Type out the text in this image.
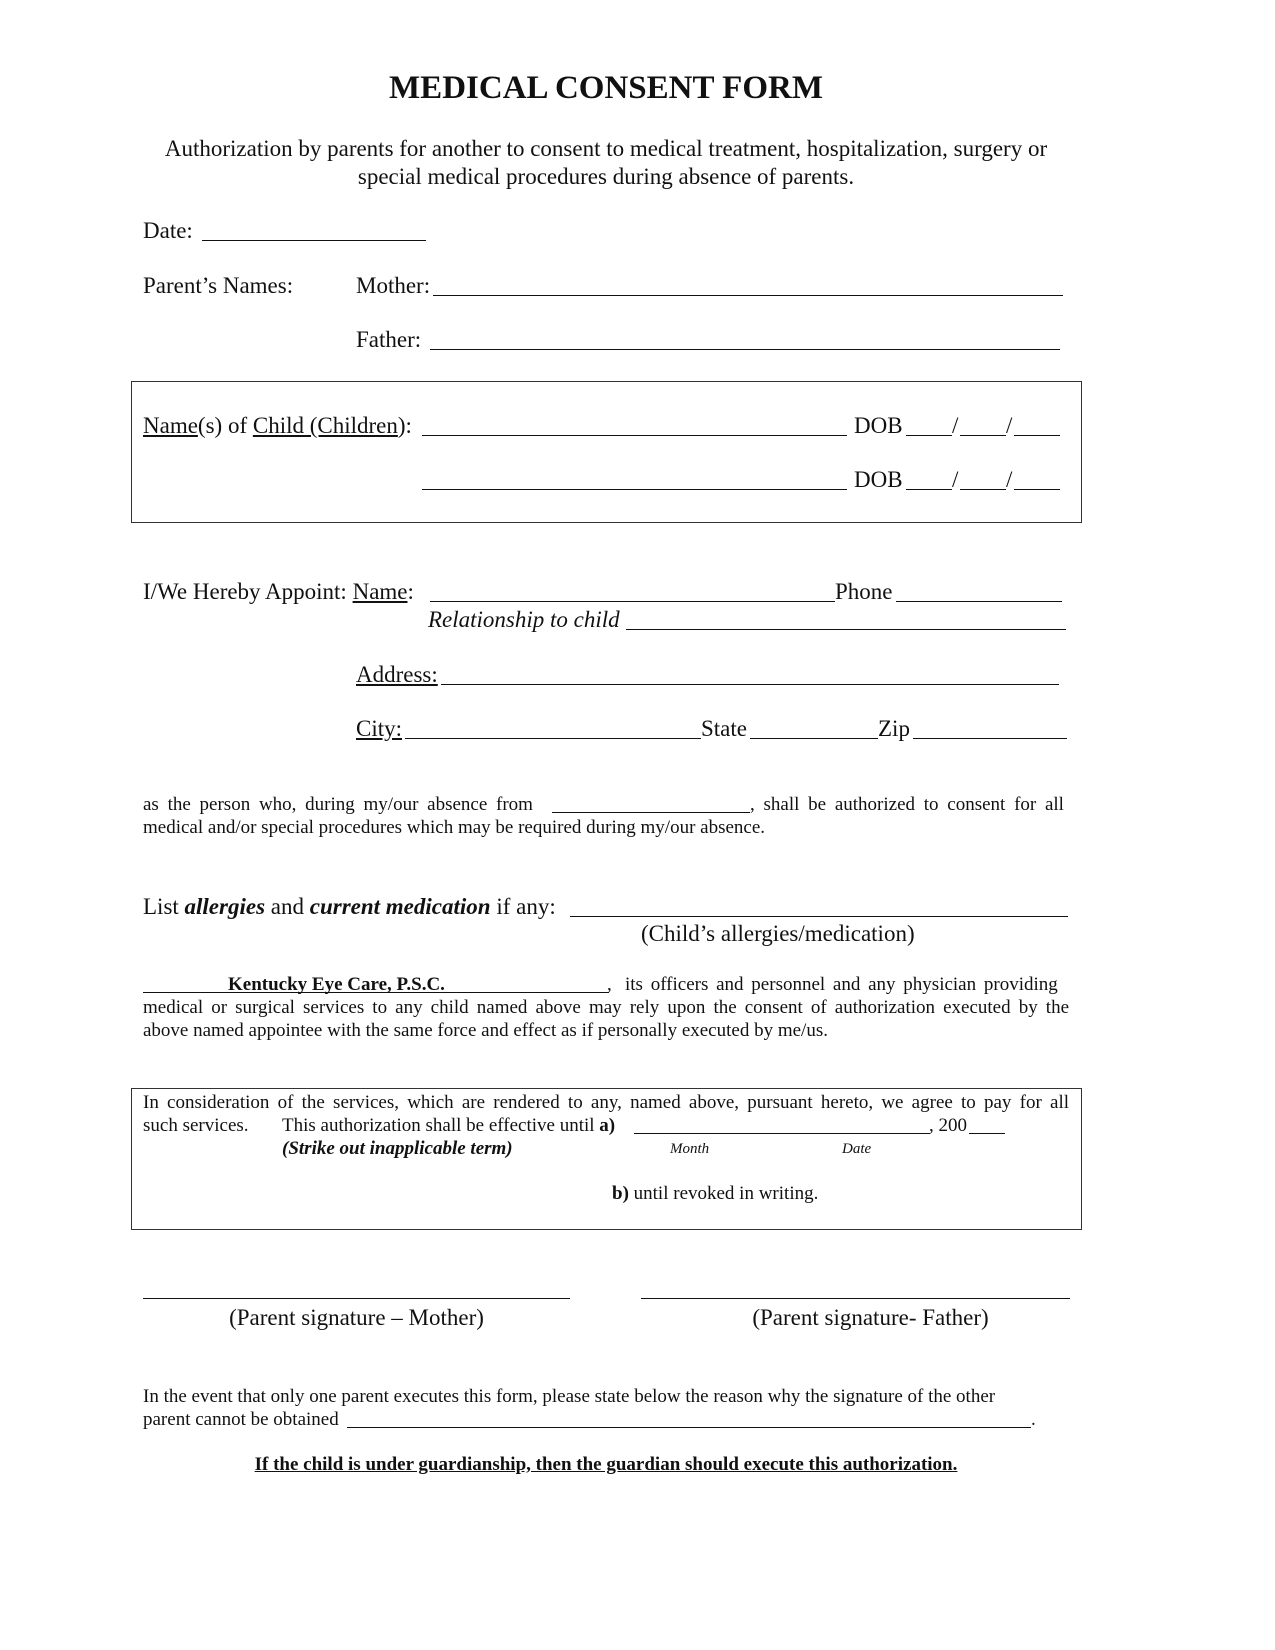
MEDICAL CONSENT FORM
Authorization by parents for another to consent to medical treatment, hospitalization, surgery or
special medical procedures during absence of parents.
Date:
Parent’s Names:	Mother:
Father:
Name(s) of Child (Children):	DOB / /
DOB / /
I/We Hereby Appoint: Name:	Phone
Relationship to child
Address:
City:	State	Zip
as the person who, during my/our absence from	, shall be authorized to consent for all
medical and/or special procedures which may be required during my/our absence.
List allergies and current medication if any:
(Child’s allergies/medication)
Kentucky Eye Care, P.S.C.	, its officers and personnel and any physician providing
medical or surgical services to any child named above may rely upon the consent of authorization executed by the
above named appointee with the same force and effect as if personally executed by me/us.
In consideration of the services, which are rendered to any, named above, pursuant hereto, we agree to pay for all
such services. This authorization shall be effective until a)	, 200
(Strike out inapplicable term)	Month	Date
b) until revoked in writing.
(Parent signature – Mother)	(Parent signature- Father)
In the event that only one parent executes this form, please state below the reason why the signature of the other
parent cannot be obtained	.
If the child is under guardianship, then the guardian should execute this authorization.
